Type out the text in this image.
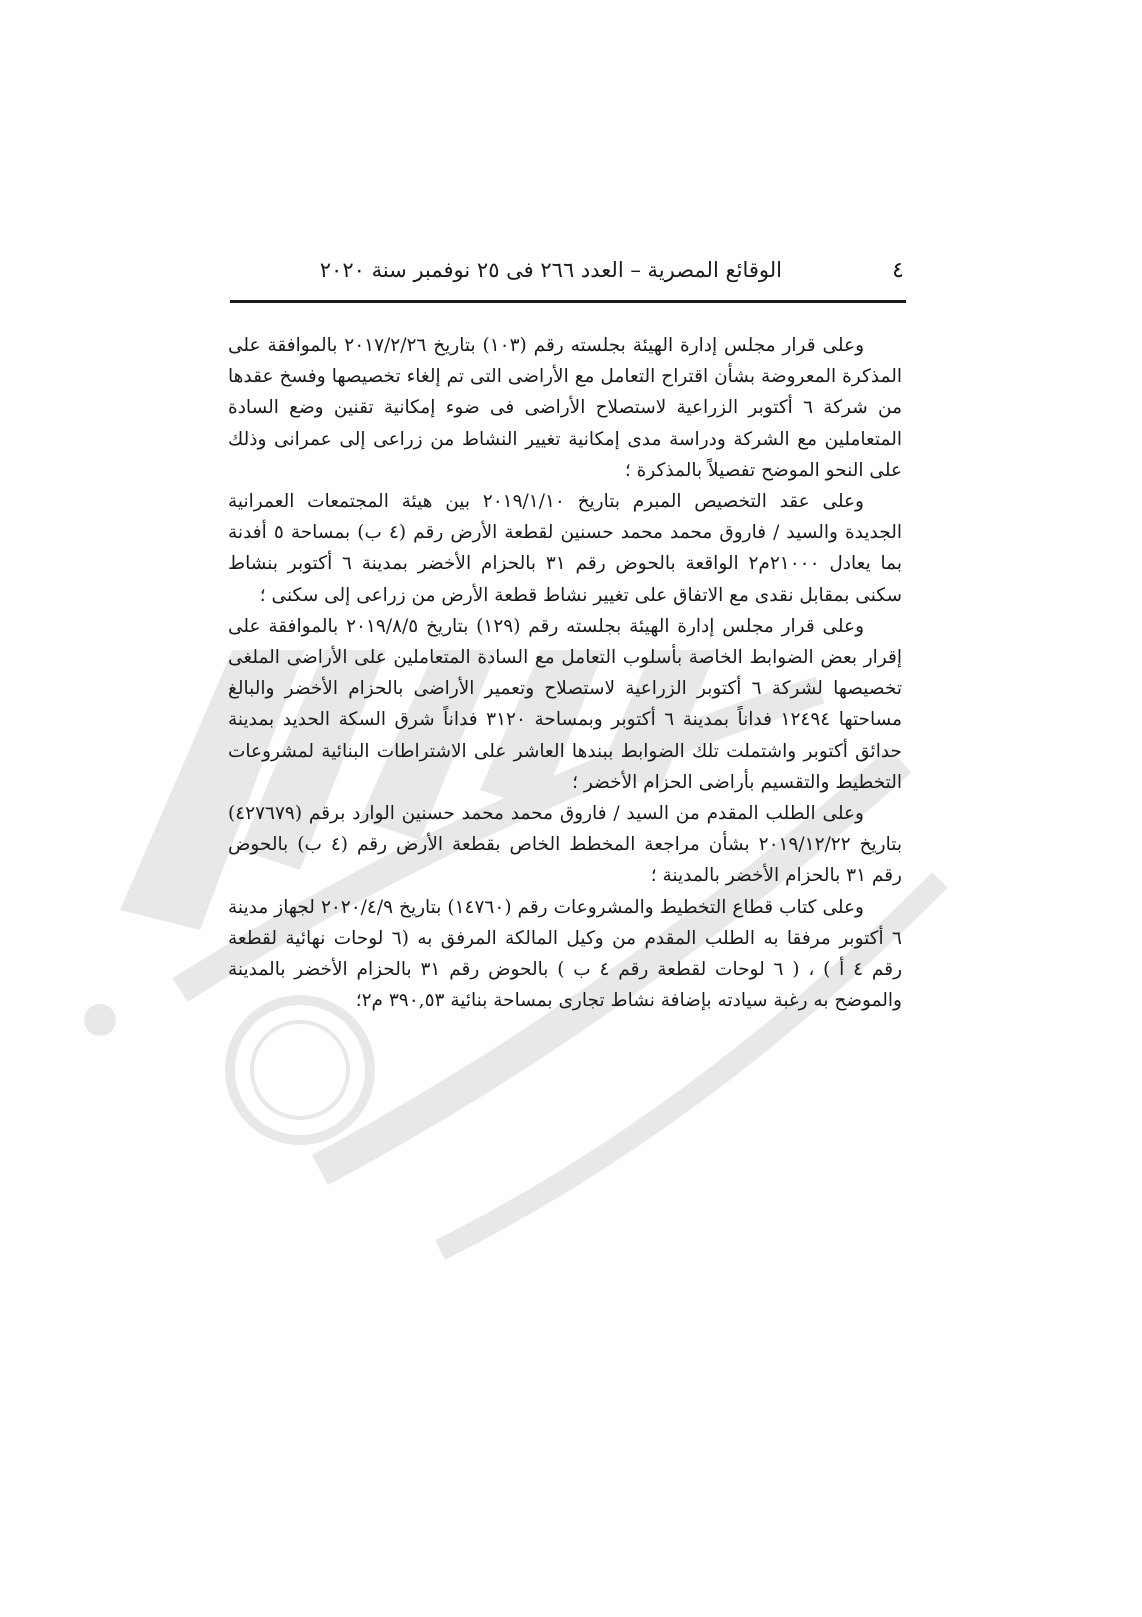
٤
الوقائع المصرية – العدد ٢٦٦ فى ٢٥ نوفمبر سنة ٢٠٢٠

وعلى قرار مجلس إدارة الهيئة بجلسته رقم (١٠٣) بتاريخ ٢٠١٧/٢/٢٦ بالموافقة على المذكرة المعروضة بشأن اقتراح التعامل مع الأراضى التى تم إلغاء تخصيصها وفسخ عقدها من شركة ٦ أكتوبر الزراعية لاستصلاح الأراضى فى ضوء إمكانية تقنين وضع السادة المتعاملين مع الشركة ودراسة مدى إمكانية تغيير النشاط من زراعى إلى عمرانى وذلك على النحو الموضح تفصيلاً بالمذكرة ؛

وعلى عقد التخصيص المبرم بتاريخ ٢٠١٩/١/١٠ بين هيئة المجتمعات العمرانية الجديدة والسيد / فاروق محمد محمد حسنين لقطعة الأرض رقم (٤ ب) بمساحة ٥ أفدنة بما يعادل ٢١٠٠٠م٢ الواقعة بالحوض رقم ٣١ بالحزام الأخضر بمدينة ٦ أكتوبر بنشاط سكنى بمقابل نقدى مع الاتفاق على تغيير نشاط قطعة الأرض من زراعى إلى سكنى ؛

وعلى قرار مجلس إدارة الهيئة بجلسته رقم (١٢٩) بتاريخ ٢٠١٩/٨/٥ بالموافقة على إقرار بعض الضوابط الخاصة بأسلوب التعامل مع السادة المتعاملين على الأراضى الملغى تخصيصها لشركة ٦ أكتوبر الزراعية لاستصلاح وتعمير الأراضى بالحزام الأخضر والبالغ مساحتها ١٢٤٩٤ فداناً بمدينة ٦ أكتوبر وبمساحة ٣١٢٠ فداناً شرق السكة الحديد بمدينة حدائق أكتوبر واشتملت تلك الضوابط ببندها العاشر على الاشتراطات البنائية لمشروعات التخطيط والتقسيم بأراضى الحزام الأخضر ؛

وعلى الطلب المقدم من السيد / فاروق محمد محمد حسنين الوارد برقم (٤٢٧٦٧٩) بتاريخ ٢٠١٩/١٢/٢٢ بشأن مراجعة المخطط الخاص بقطعة الأرض رقم (٤ ب) بالحوض رقم ٣١ بالحزام الأخضر بالمدينة ؛

وعلى كتاب قطاع التخطيط والمشروعات رقم (١٤٧٦٠) بتاريخ ٢٠٢٠/٤/٩ لجهاز مدينة ٦ أكتوبر مرفقا به الطلب المقدم من وكيل المالكة المرفق به (٦ لوحات نهائية لقطعة رقم ٤ أ ) ، ( ٦ لوحات لقطعة رقم ٤ ب ) بالحوض رقم ٣١ بالحزام الأخضر بالمدينة والموضح به رغبة سيادته بإضافة نشاط تجارى بمساحة بنائية ٣٩٠,٥٣ م٢؛
